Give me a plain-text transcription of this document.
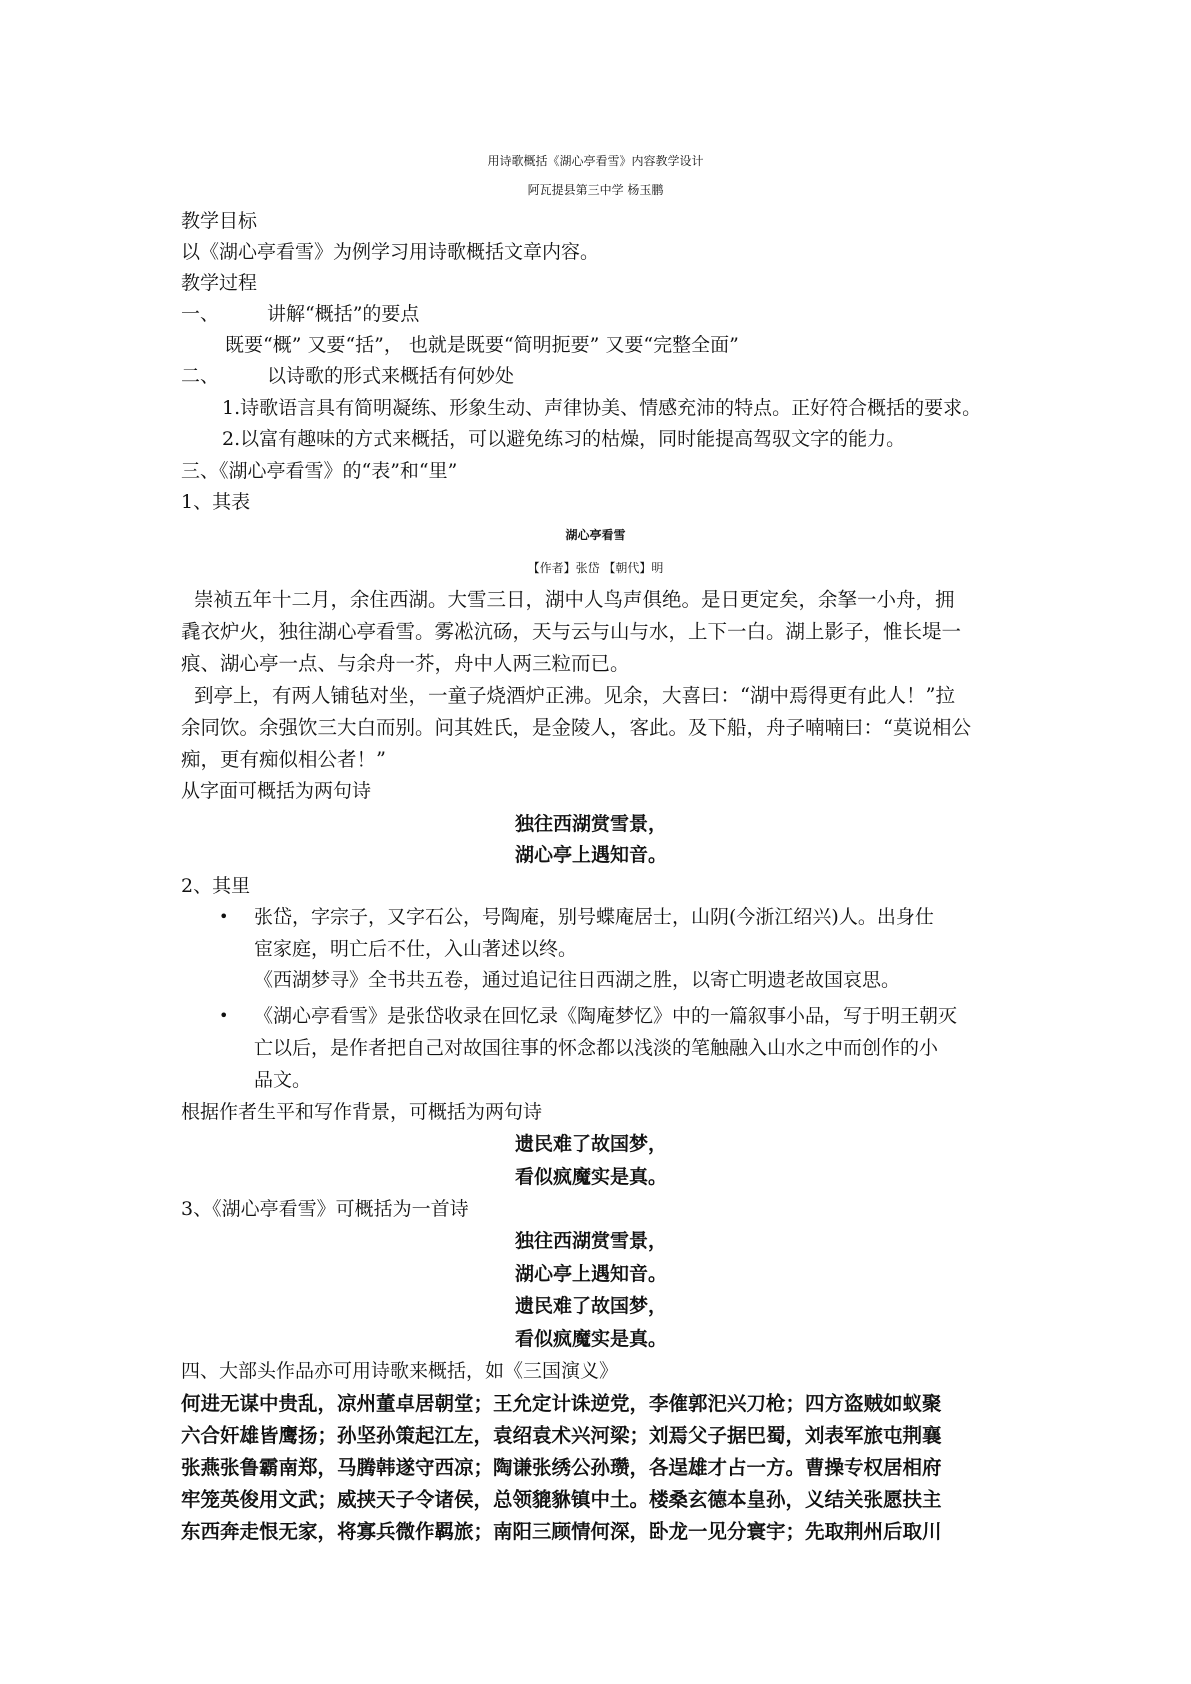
用诗歌概括《湖心亭看雪》内容教学设计
阿瓦提县第三中学 杨玉鹏
教学目标
以《湖心亭看雪》为例学习用诗歌概括文章内容。
教学过程
一、	讲解“概括”的要点
既要“概” 又要“括”， 也就是既要“简明扼要” 又要“完整全面”
二、	以诗歌的形式来概括有何妙处
1.诗歌语言具有简明凝练、形象生动、声律协美、情感充沛的特点。正好符合概括的要求。
2.以富有趣味的方式来概括，可以避免练习的枯燥，同时能提高驾驭文字的能力。
三、《湖心亭看雪》的“表”和“里”
1、其表
湖心亭看雪
【作者】张岱 【朝代】明
崇祯五年十二月，余住西湖。大雪三日，湖中人鸟声俱绝。是日更定矣，余拏一小舟，拥
毳衣炉火，独往湖心亭看雪。雾凇沆砀，天与云与山与水，上下一白。湖上影子，惟长堤一
痕、湖心亭一点、与余舟一芥，舟中人两三粒而已。
到亭上，有两人铺毡对坐，一童子烧酒炉正沸。见余，大喜曰：“湖中焉得更有此人！”拉
余同饮。余强饮三大白而别。问其姓氏，是金陵人，客此。及下船，舟子喃喃曰：“莫说相公
痴，更有痴似相公者！”
从字面可概括为两句诗
独往西湖赏雪景，
湖心亭上遇知音。
2、其里
• 张岱，字宗子，又字石公，号陶庵，别号蝶庵居士，山阴(今浙江绍兴)人。出身仕
宦家庭，明亡后不仕，入山著述以终。
《西湖梦寻》全书共五卷，通过追记往日西湖之胜，以寄亡明遗老故国哀思。
• 《湖心亭看雪》是张岱收录在回忆录《陶庵梦忆》中的一篇叙事小品，写于明王朝灭
亡以后，是作者把自己对故国往事的怀念都以浅淡的笔触融入山水之中而创作的小
品文。
根据作者生平和写作背景，可概括为两句诗
遗民难了故国梦，
看似疯魔实是真。
3、《湖心亭看雪》可概括为一首诗
独往西湖赏雪景，
湖心亭上遇知音。
遗民难了故国梦，
看似疯魔实是真。
四、大部头作品亦可用诗歌来概括，如《三国演义》
何进无谋中贵乱，凉州董卓居朝堂；王允定计诛逆党，李傕郭汜兴刀枪；四方盗贼如蚁聚
六合奸雄皆鹰扬；孙坚孙策起江左，袁绍袁术兴河梁；刘焉父子据巴蜀，刘表军旅屯荆襄
张燕张鲁霸南郑，马腾韩遂守西凉；陶谦张绣公孙瓒，各逞雄才占一方。曹操专权居相府
牢笼英俊用文武；威挟天子令诸侯，总领貔貅镇中土。楼桑玄德本皇孙，义结关张愿扶主
东西奔走恨无家，将寡兵微作羁旅；南阳三顾情何深，卧龙一见分寰宇；先取荆州后取川
